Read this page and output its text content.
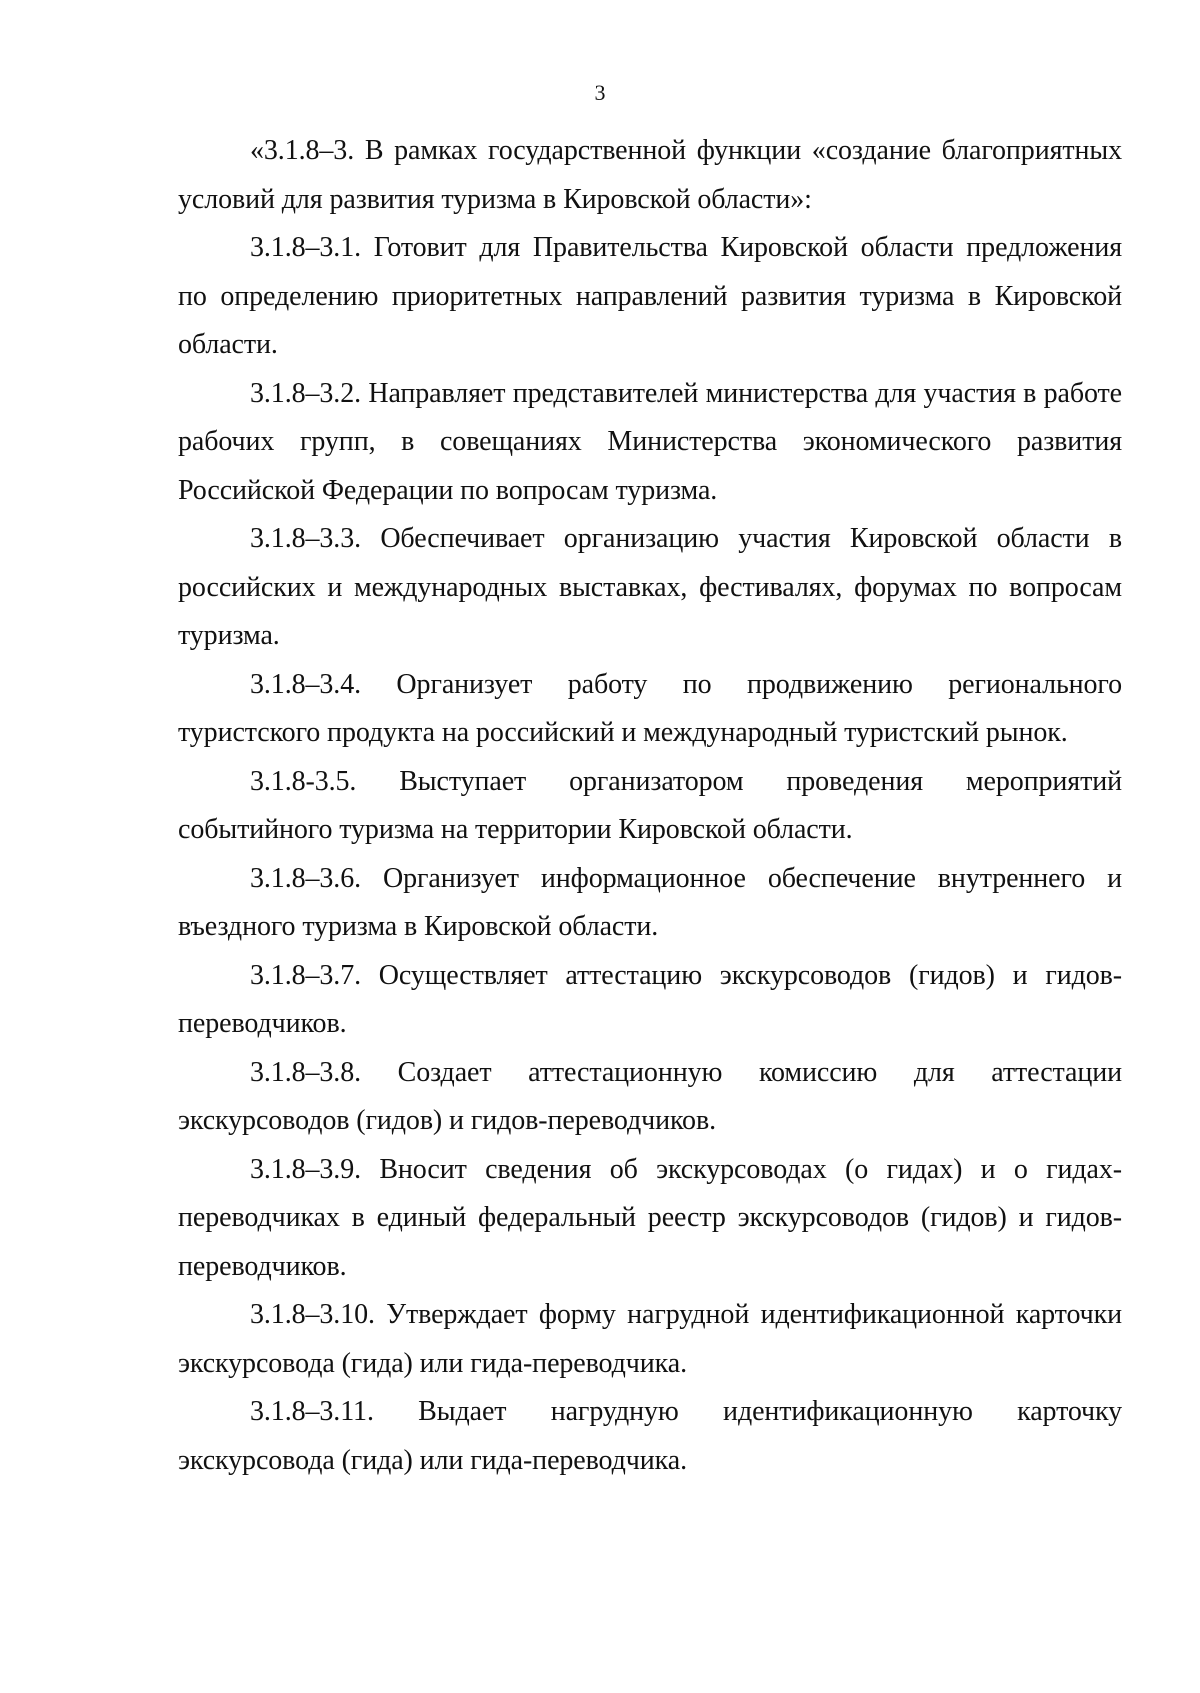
3

«3.1.8–3. В рамках государственной функции «создание благоприятных условий для развития туризма в Кировской области»:

3.1.8–3.1. Готовит для Правительства Кировской области предложения по определению приоритетных направлений развития туризма в Кировской области.

3.1.8–3.2. Направляет представителей министерства для участия в работе рабочих групп, в совещаниях Министерства экономического развития Российской Федерации по вопросам туризма.

3.1.8–3.3. Обеспечивает организацию участия Кировской области в российских и международных выставках, фестивалях, форумах по вопросам туризма.

3.1.8–3.4. Организует работу по продвижению регионального туристского продукта на российский и международный туристский рынок.

3.1.8-3.5. Выступает организатором проведения мероприятий событийного туризма на территории Кировской области.

3.1.8–3.6. Организует информационное обеспечение внутреннего и въездного туризма в Кировской области.

3.1.8–3.7. Осуществляет аттестацию экскурсоводов (гидов) и гидов-переводчиков.

3.1.8–3.8. Создает аттестационную комиссию для аттестации экскурсоводов (гидов) и гидов-переводчиков.

3.1.8–3.9. Вносит сведения об экскурсоводах (о гидах) и о гидах-переводчиках в единый федеральный реестр экскурсоводов (гидов) и гидов-переводчиков.

3.1.8–3.10. Утверждает форму нагрудной идентификационной карточки экскурсовода (гида) или гида-переводчика.

3.1.8–3.11. Выдает нагрудную идентификационную карточку экскурсовода (гида) или гида-переводчика.
